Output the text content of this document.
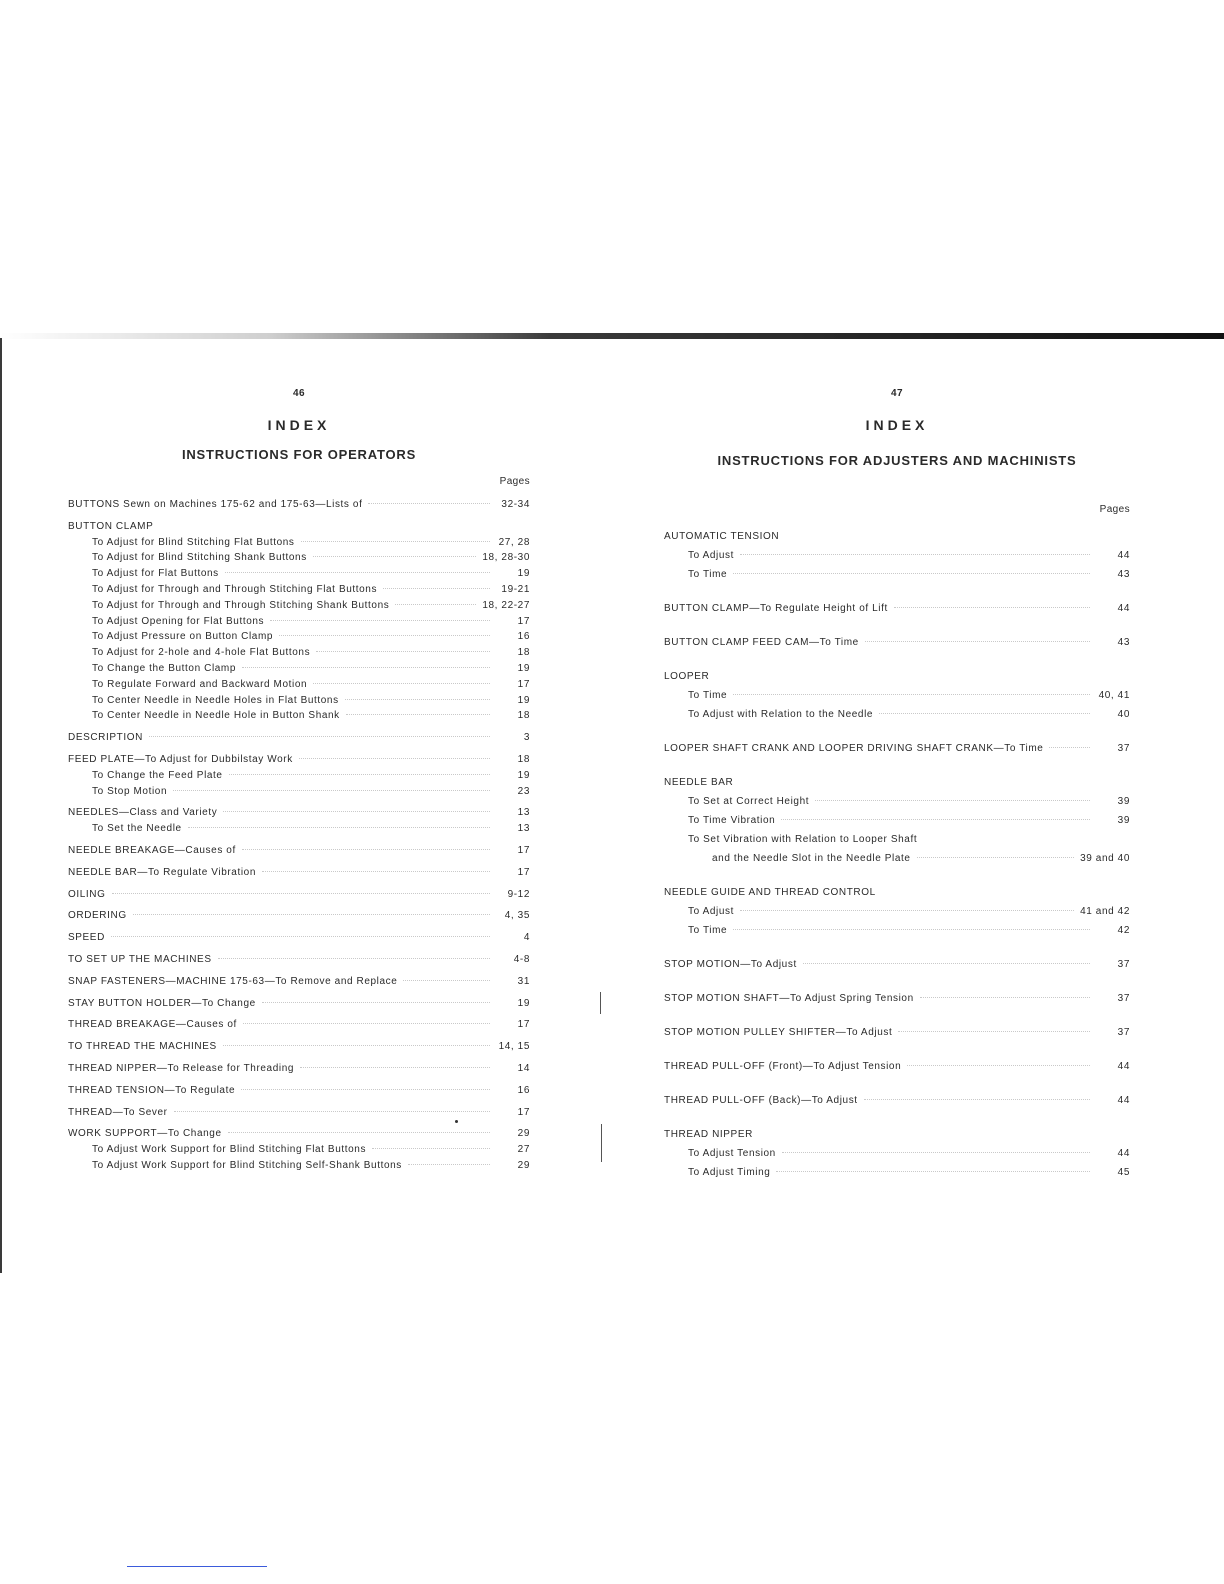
46
INDEX
INSTRUCTIONS FOR OPERATORS
Pages
BUTTONS Sewn on Machines 175-62 and 175-63—Lists of	32-34
BUTTON CLAMP
To Adjust for Blind Stitching Flat Buttons	27, 28
To Adjust for Blind Stitching Shank Buttons	18, 28-30
To Adjust for Flat Buttons	19
To Adjust for Through and Through Stitching Flat Buttons	19-21
To Adjust for Through and Through Stitching Shank Buttons	18, 22-27
To Adjust Opening for Flat Buttons	17
To Adjust Pressure on Button Clamp	16
To Adjust for 2-hole and 4-hole Flat Buttons	18
To Change the Button Clamp	19
To Regulate Forward and Backward Motion	17
To Center Needle in Needle Holes in Flat Buttons	19
To Center Needle in Needle Hole in Button Shank	18
DESCRIPTION	3
FEED PLATE—To Adjust for Dubbilstay Work	18
To Change the Feed Plate	19
To Stop Motion	23
NEEDLES—Class and Variety	13
To Set the Needle	13
NEEDLE BREAKAGE—Causes of	17
NEEDLE BAR—To Regulate Vibration	17
OILING	9-12
ORDERING	4, 35
SPEED	4
TO SET UP THE MACHINES	4-8
SNAP FASTENERS—MACHINE 175-63—To Remove and Replace	31
STAY BUTTON HOLDER—To Change	19
THREAD BREAKAGE—Causes of	17
TO THREAD THE MACHINES	14, 15
THREAD NIPPER—To Release for Threading	14
THREAD TENSION—To Regulate	16
THREAD—To Sever	17
WORK SUPPORT—To Change	29
To Adjust Work Support for Blind Stitching Flat Buttons	27
To Adjust Work Support for Blind Stitching Self-Shank Buttons	29
47
INDEX
INSTRUCTIONS FOR ADJUSTERS AND MACHINISTS
Pages
AUTOMATIC TENSION
To Adjust	44
To Time	43
BUTTON CLAMP—To Regulate Height of Lift	44
BUTTON CLAMP FEED CAM—To Time	43
LOOPER
To Time	40, 41
To Adjust with Relation to the Needle	40
LOOPER SHAFT CRANK AND LOOPER DRIVING SHAFT CRANK—To Time	37
NEEDLE BAR
To Set at Correct Height	39
To Time Vibration	39
To Set Vibration with Relation to Looper Shaft
and the Needle Slot in the Needle Plate	39 and 40
NEEDLE GUIDE AND THREAD CONTROL
To Adjust	41 and 42
To Time	42
STOP MOTION—To Adjust	37
STOP MOTION SHAFT—To Adjust Spring Tension	37
STOP MOTION PULLEY SHIFTER—To Adjust	37
THREAD PULL-OFF (Front)—To Adjust Tension	44
THREAD PULL-OFF (Back)—To Adjust	44
THREAD NIPPER
To Adjust Tension	44
To Adjust Timing	45
